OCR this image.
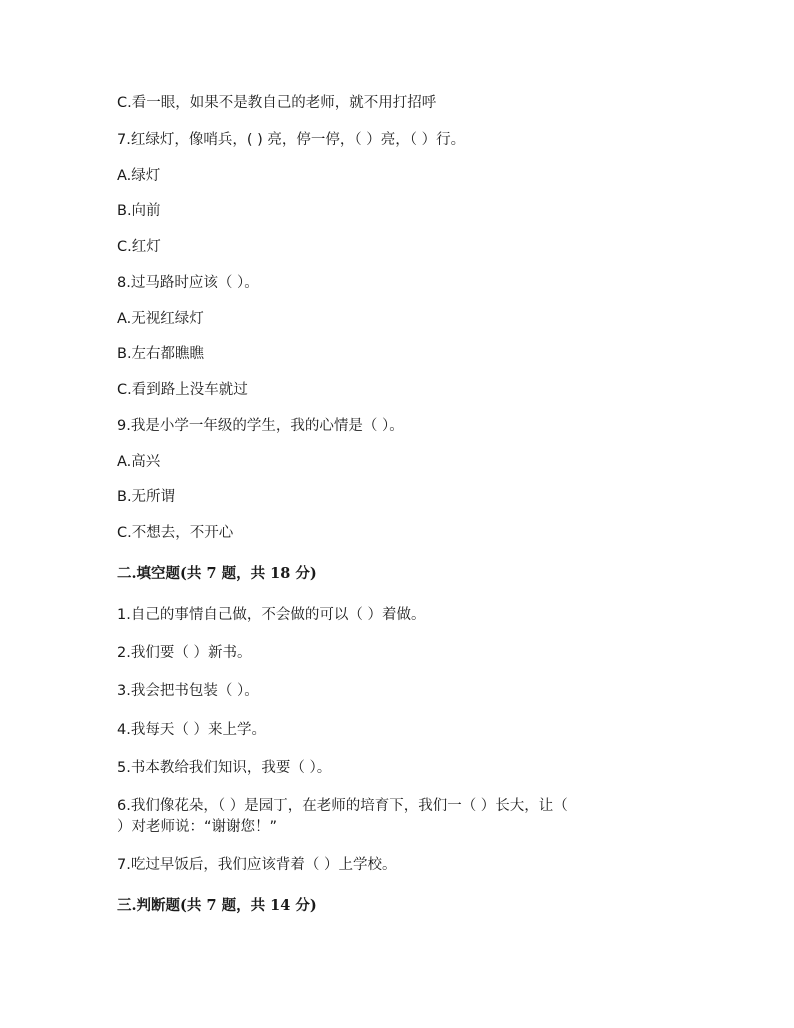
C.看一眼，如果不是教自己的老师，就不用打招呼
7.红绿灯，像哨兵，( ) 亮，停一停，（ ）亮，（ ）行。
A.绿灯
B.向前
C.红灯
8.过马路时应该（ ）。
A.无视红绿灯
B.左右都瞧瞧
C.看到路上没车就过
9.我是小学一年级的学生，我的心情是（ ）。
A.高兴
B.无所谓
C.不想去，不开心
二.填空题(共 7 题，共 18 分)
1.自己的事情自己做，不会做的可以（ ）着做。
2.我们要（ ）新书。
3.我会把书包装（ ）。
4.我每天（ ）来上学。
5.书本教给我们知识，我要（ ）。
6.我们像花朵，（ ）是园丁，在老师的培育下，我们一（ ）长大，让（
）对老师说：“谢谢您！”
7.吃过早饭后，我们应该背着（ ）上学校。
三.判断题(共 7 题，共 14 分)
